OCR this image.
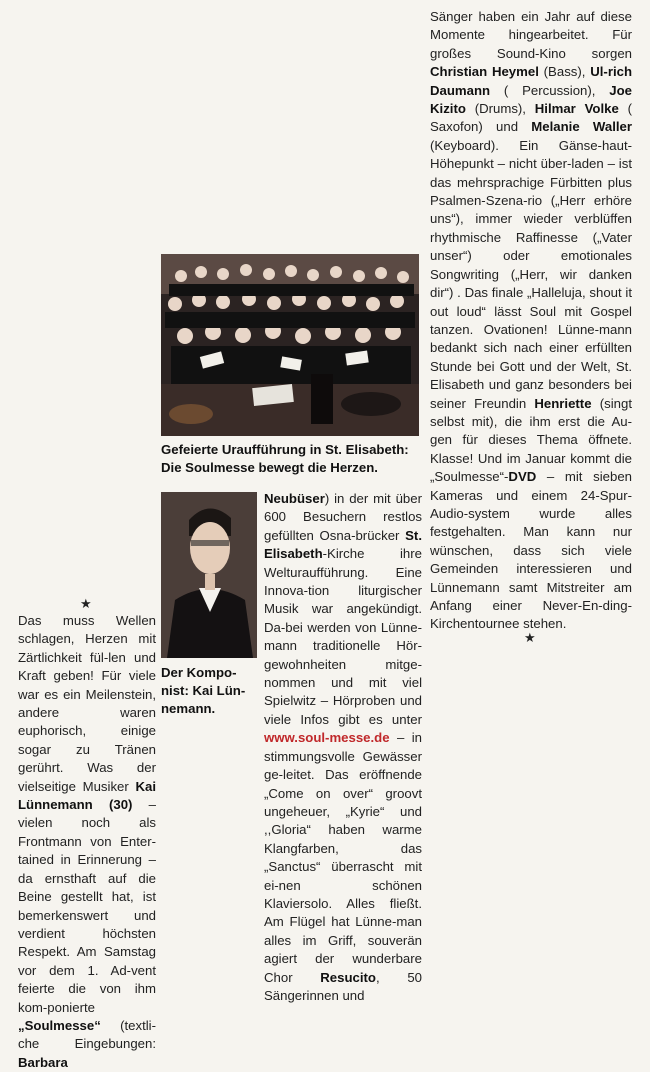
★

Das muss Wellen schlagen, Herzen mit Zärtlichkeit fül-len und Kraft geben! Für viele war es ein Meilenstein, andere waren euphorisch, einige sogar zu Tränen gerührt. Was der vielseitige Musiker Kai Lünnemann (30) – vielen noch als Frontmann von Enter-tained in Erinnerung – da ernsthaft auf die Beine gestellt hat, ist bemerkenswert und verdient höchsten Respekt. Am Samstag vor dem 1. Ad-vent feierte die von ihm kom-ponierte „Soulmesse“ (textli-che Eingebungen: Barbara

Gefeierte Uraufführung in St. Elisabeth: Die Soulmesse bewegt die Herzen.
Der Kompo-nist: Kai Lün-nemann.

Neubüser) in der mit über 600 Besuchern restlos gefüllten Osna-brücker St. Elisabeth-Kirche ihre Welturaufführung. Eine Innova-tion liturgischer Musik war angekündigt. Da-bei werden von Lünne-mann traditionelle Hör-gewohnheiten mitge-nommen und mit viel Spielwitz – Hörproben und viele Infos gibt es unter www.soul-messe.de – in stimmungsvolle Gewässer ge-leitet. Das eröffnende „Come on over“ groovt ungeheuer, „Kyrie“ und ,,Gloria“ haben warme Klangfarben, das „Sanctus“ überrascht mit ei-nen schönen Klaviersolo. Alles fließt. Am Flügel hat Lünne-man alles im Griff, souverän agiert der wunderbare Chor Resucito, 50 Sängerinnen und

Sänger haben ein Jahr auf diese Momente hingearbeitet. Für großes Sound-Kino sorgen Christian Heymel (Bass), Ul-rich Daumann ( Percussion), Joe Kizito (Drums), Hilmar Volke ( Saxofon) und Melanie Waller (Keyboard). Ein Gänse-haut-Höhepunkt – nicht über-laden – ist das mehrsprachige Fürbitten plus Psalmen-Szena-rio („Herr erhöre uns“), immer wieder verblüffen rhythmische Raffinesse („Vater unser“) oder emotionales Songwriting („Herr, wir danken dir“) . Das finale „Halleluja, shout it out loud“ lässt Soul mit Gospel tanzen. Ovationen! Lünne-mann bedankt sich nach einer erfüllten Stunde bei Gott und der Welt, St. Elisabeth und ganz besonders bei seiner Freundin Henriette (singt selbst mit), die ihm erst die Au-gen für dieses Thema öffnete. Klasse! Und im Januar kommt die „Soulmesse“-DVD – mit sieben Kameras und einem 24-Spur-Audio-system wurde alles festgehalten. Man kann nur wünschen, dass sich viele Gemeinden interessieren und Lünnemann samt Mitstreiter am Anfang einer Never-En-ding-Kirchentournee stehen.

★
